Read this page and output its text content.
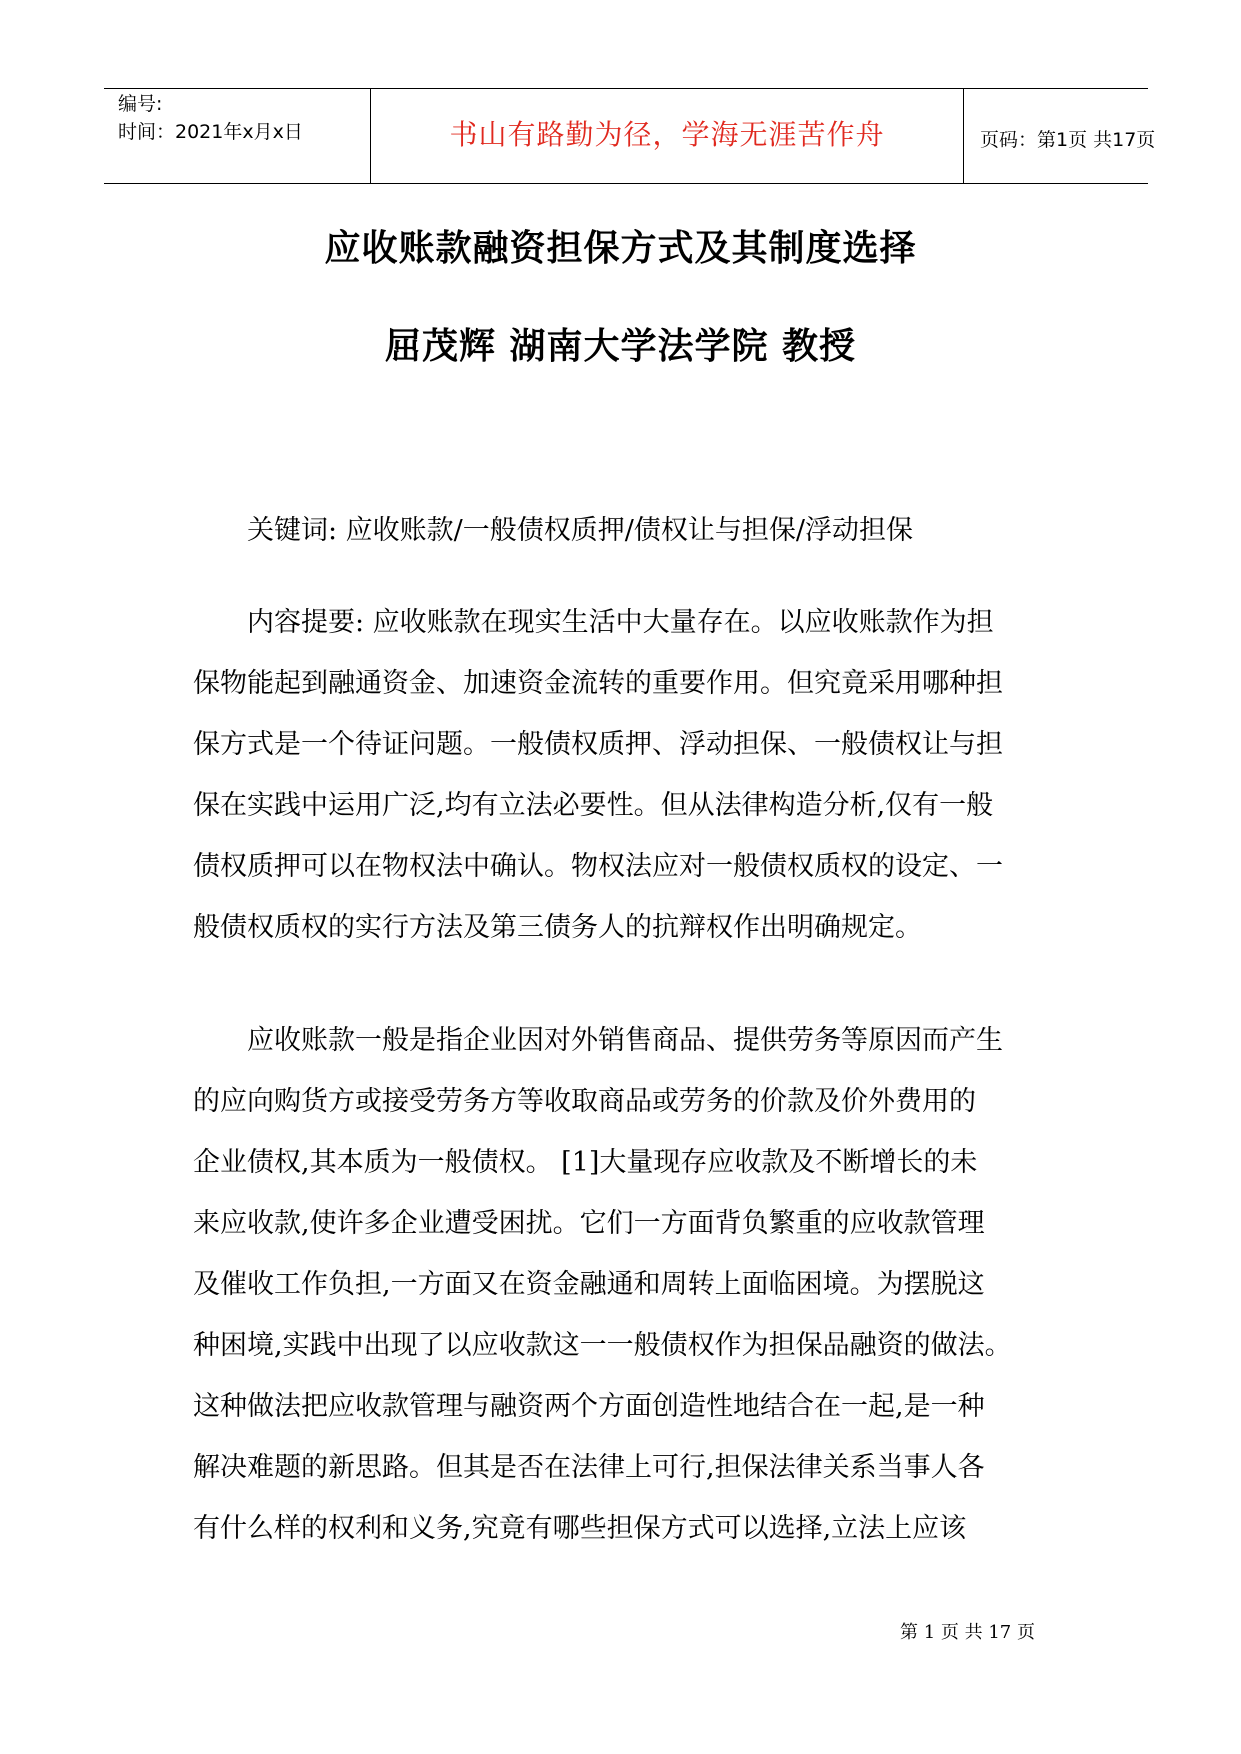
编号:
时间：2021年x月x日	书山有路勤为径，学海无涯苦作舟	页码：第1页 共17页
应收账款融资担保方式及其制度选择
屈茂辉 湖南大学法学院 教授
　　关键词: 应收账款/一般债权质押/债权让与担保/浮动担保
　　内容提要: 应收账款在现实生活中大量存在。以应收账款作为担
保物能起到融通资金、加速资金流转的重要作用。但究竟采用哪种担
保方式是一个待证问题。一般债权质押、浮动担保、一般债权让与担
保在实践中运用广泛,均有立法必要性。但从法律构造分析,仅有一般
债权质押可以在物权法中确认。物权法应对一般债权质权的设定、一
般债权质权的实行方法及第三债务人的抗辩权作出明确规定。
　　应收账款一般是指企业因对外销售商品、提供劳务等原因而产生
的应向购货方或接受劳务方等收取商品或劳务的价款及价外费用的
企业债权,其本质为一般债权。 [1]大量现存应收款及不断增长的未
来应收款,使许多企业遭受困扰。它们一方面背负繁重的应收款管理
及催收工作负担,一方面又在资金融通和周转上面临困境。为摆脱这
种困境,实践中出现了以应收款这一一般债权作为担保品融资的做法。
这种做法把应收款管理与融资两个方面创造性地结合在一起,是一种
解决难题的新思路。但其是否在法律上可行,担保法律关系当事人各
有什么样的权利和义务,究竟有哪些担保方式可以选择,立法上应该
第 1 页 共 17 页
